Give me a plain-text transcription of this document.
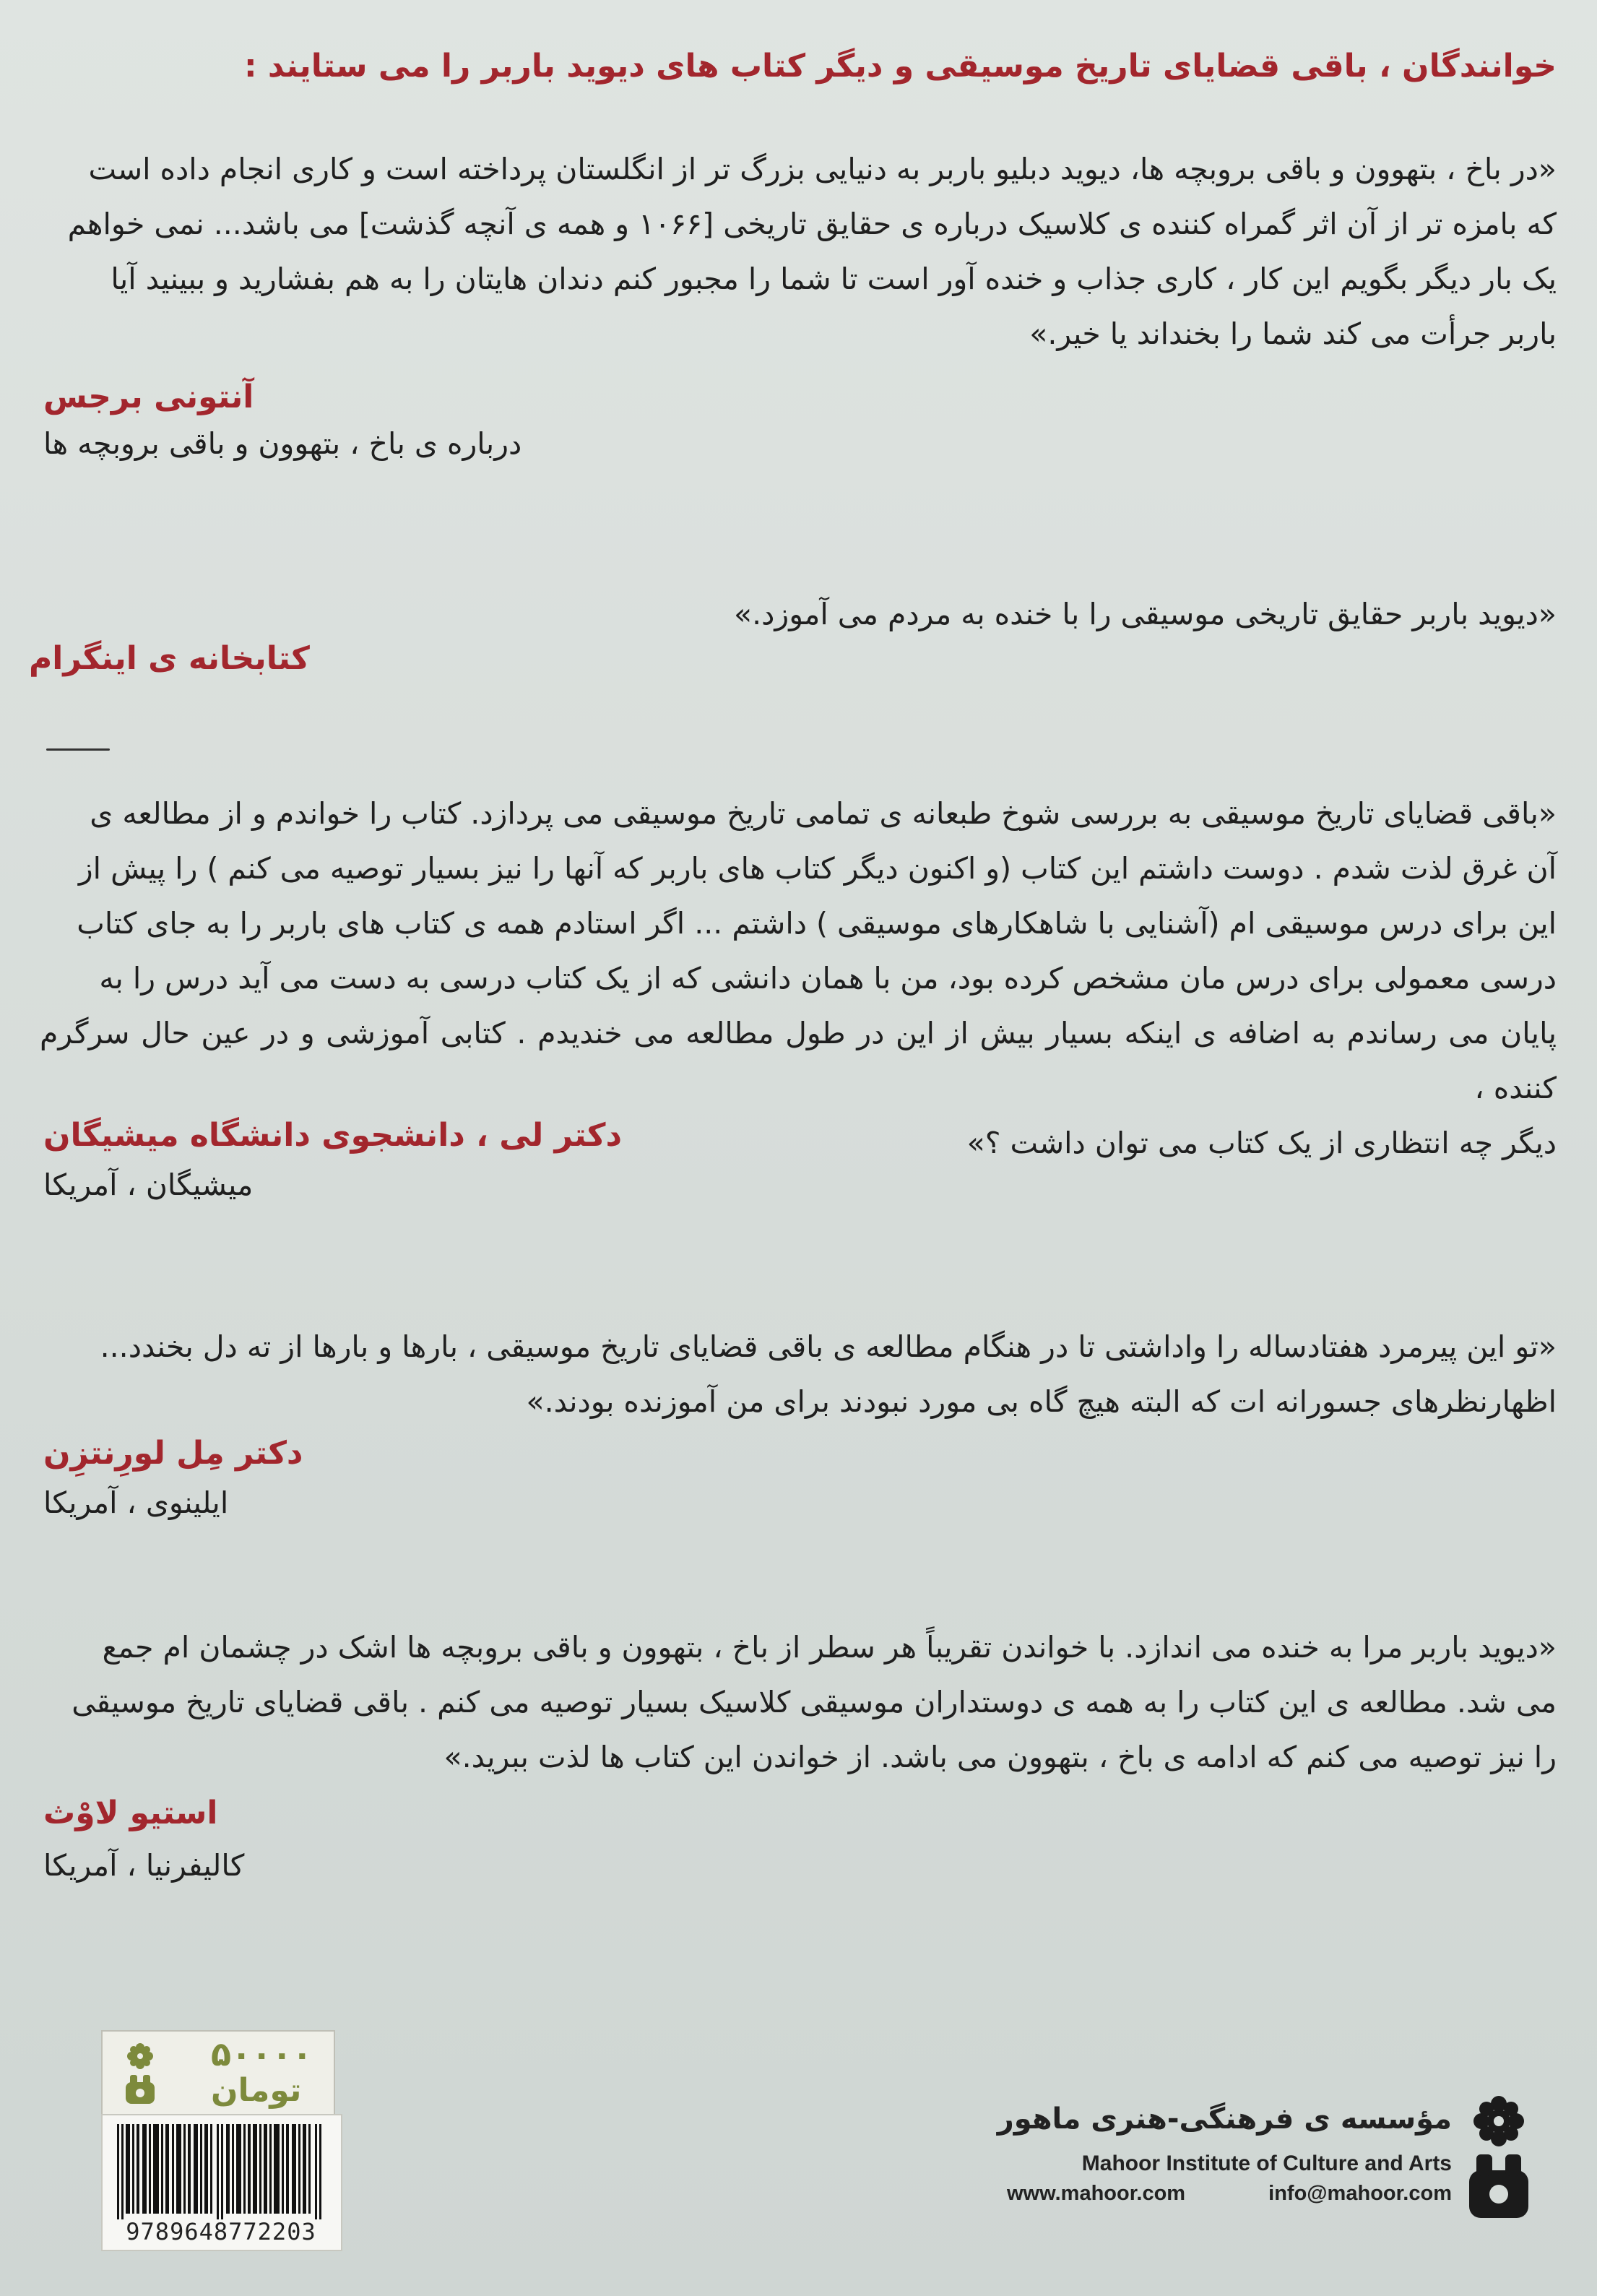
خوانندگان ، باقی قضایای تاریخ موسیقی و دیگر کتاب های دیوید باربر را می ستایند :
«در باخ ، بتهوون و باقی بروبچه ها، دیوید دبلیو باربر به دنیایی بزرگ تر از انگلستان پرداخته است و کاری انجام داده است
که بامزه تر از آن اثر گمراه کننده ی کلاسیک درباره ی حقایق تاریخی [۱۰۶۶ و همه ی آنچه گذشت] می باشد... نمی خواهم
یک بار دیگر بگویم این کار ، کاری جذاب و خنده آور است تا شما را مجبور کنم دندان هایتان را به هم بفشارید و ببینید آیا
باربر جرأت می کند شما را بخنداند یا خیر.»
آنتونی برجس
درباره ی باخ ، بتهوون و باقی بروبچه ها
«دیوید باربر حقایق تاریخی موسیقی را با خنده به مردم می آموزد.»
کتابخانه ی اینگرام
«باقی قضایای تاریخ موسیقی به بررسی شوخ طبعانه ی تمامی تاریخ موسیقی می پردازد. کتاب را خواندم و از مطالعه ی
آن غرق لذت شدم . دوست داشتم این کتاب (و اکنون دیگر کتاب های باربر که آنها را نیز بسیار توصیه می کنم ) را پیش از
این برای درس موسیقی ام (آشنایی با شاهکارهای موسیقی ) داشتم ... اگر استادم همه ی کتاب های باربر را به جای کتاب
درسی معمولی برای درس مان مشخص کرده بود، من با همان دانشی که از یک کتاب درسی به دست می آید درس را به
پایان می رساندم به اضافه ی اینکه بسیار بیش از این در طول مطالعه می خندیدم . کتابی آموزشی و در عین حال سرگرم کننده ،
دیگر چه انتظاری از یک کتاب می توان داشت ؟»
دکتر لی ، دانشجوی دانشگاه میشیگان
میشیگان ، آمریکا
«تو این پیرمرد هفتادساله را واداشتی تا در هنگام مطالعه ی باقی قضایای تاریخ موسیقی ، بارها و بارها از ته دل بخندد...
اظهارنظرهای جسورانه ات که البته هیچ گاه بی مورد نبودند برای من آموزنده بودند.»
دکتر مِل لورِنتزِن
ایلینوی ، آمریکا
«دیوید باربر مرا به خنده می اندازد. با خواندن تقریباً هر سطر از باخ ، بتهوون و باقی بروبچه ها اشک در چشمان ام جمع
می شد. مطالعه ی این کتاب را به همه ی دوستداران موسیقی کلاسیک بسیار توصیه می کنم . باقی قضایای تاریخ موسیقی
را نیز توصیه می کنم که ادامه ی باخ ، بتهوون می باشد. از خواندن این کتاب ها لذت ببرید.»
استیو لاوْث
کالیفرنیا ، آمریکا
۵۰۰۰۰
تومان
9789648772203
مؤسسه ی فرهنگی-هنری ماهور
Mahoor Institute of Culture and Arts
www.mahoor.com	info@mahoor.com
